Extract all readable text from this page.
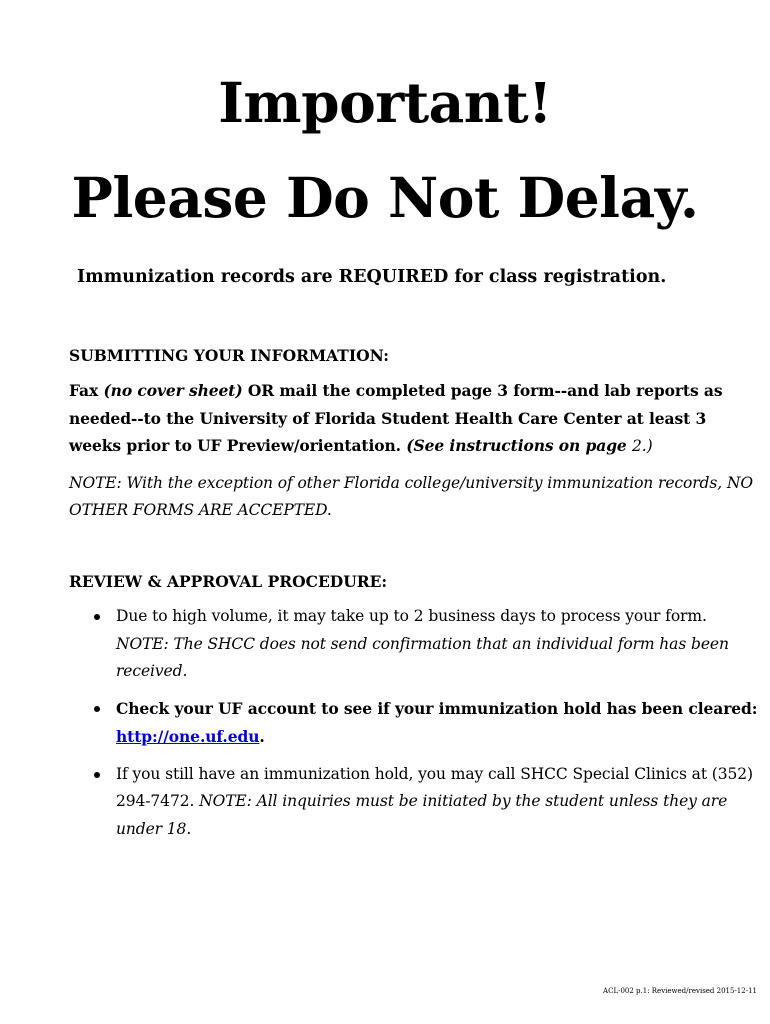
Important!
Please Do Not Delay.
Immunization records are REQUIRED for class registration.
SUBMITTING YOUR INFORMATION:
Fax (no cover sheet) OR mail the completed page 3 form--and lab reports as needed--to the University of Florida Student Health Care Center at least 3 weeks prior to UF Preview/orientation. (See instructions on page 2.)
NOTE: With the exception of other Florida college/university immunization records, NO OTHER FORMS ARE ACCEPTED.
REVIEW & APPROVAL PROCEDURE:
Due to high volume, it may take up to 2 business days to process your form. NOTE: The SHCC does not send confirmation that an individual form has been received.
Check your UF account to see if your immunization hold has been cleared: http://one.uf.edu.
If you still have an immunization hold, you may call SHCC Special Clinics at (352) 294-7472. NOTE: All inquiries must be initiated by the student unless they are under 18.
ACL-002 p.1: Reviewed/revised 2015-12-11
